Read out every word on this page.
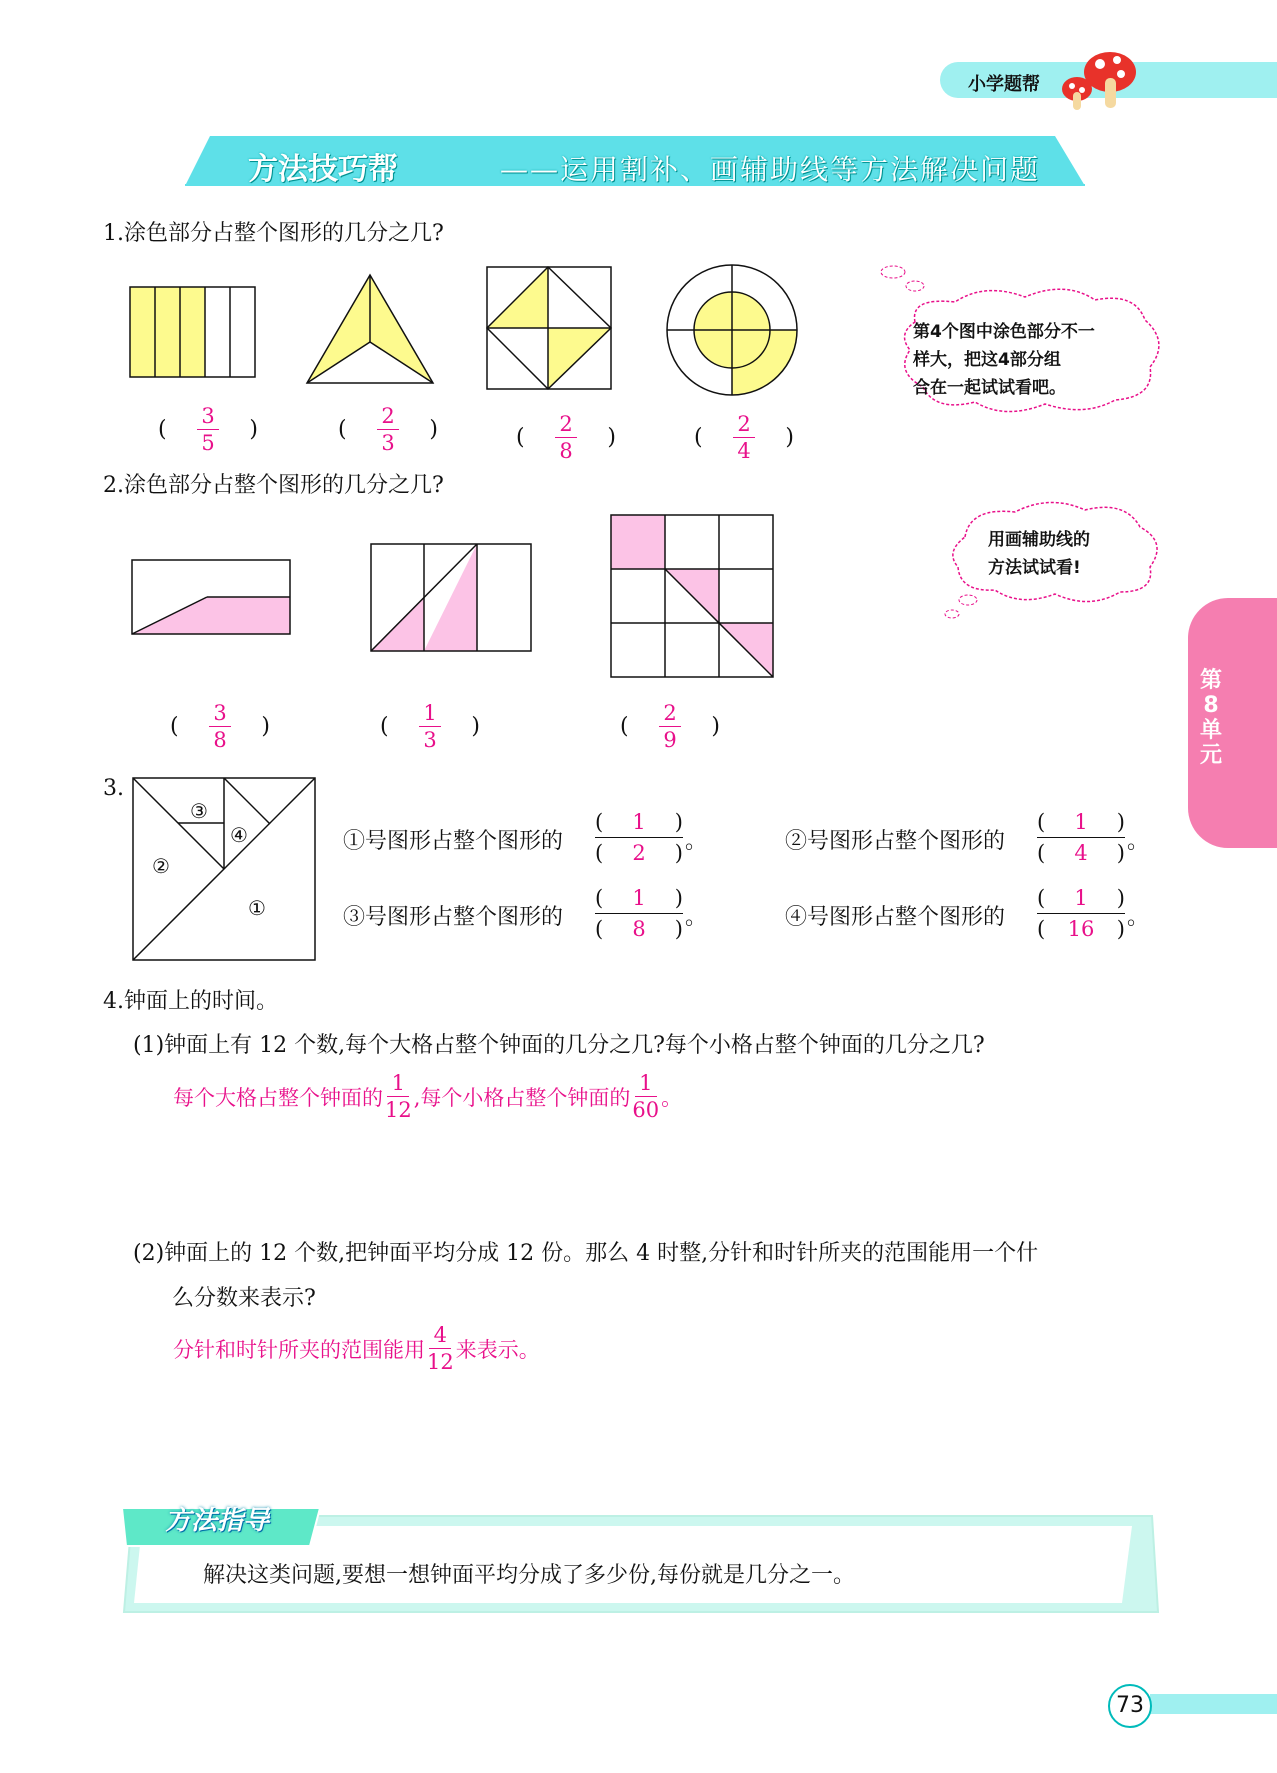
小学题帮
方法技巧帮	——运用割补、画辅助线等方法解决问题
1.涂色部分占整个图形的几分之几?
( $\frac{3}{5}$ )	( $\frac{2}{3}$ )	( $\frac{2}{8}$ )	( $\frac{2}{4}$ )
第4个图中涂色部分不一
样大，把这4部分组
合在一起试试看吧。
2.涂色部分占整个图形的几分之几?
( $\frac{3}{8}$ )	( $\frac{1}{3}$ )	( $\frac{2}{9}$ )
用画辅助线的
方法试试看!
3.
③
④
②
①
①号图形占整个图形的
( 1 )
( 2 ) 。	②号图形占整个图形的
( 1 )
( 4 ) 。
③号图形占整个图形的
( 1 )
( 8 ) 。	④号图形占整个图形的
( 1 )
( 16 ) 。
4.钟面上的时间。
(1)钟面上有 12 个数,每个大格占整个钟面的几分之几?每个小格占整个钟面的几分之几?
每个大格占整个钟面的 $\frac{1}{12}$ ,每个小格占整个钟面的 $\frac{1}{60}$ 。
(2)钟面上的 12 个数,把钟面平均分成 12 份。那么 4 时整,分针和时针所夹的范围能用一个什
么分数来表示?
分针和时针所夹的范围能用 $\frac{4}{12}$ 来表示。
第8单元
方法指导
解决这类问题,要想一想钟面平均分成了多少份,每份就是几分之一。
73
